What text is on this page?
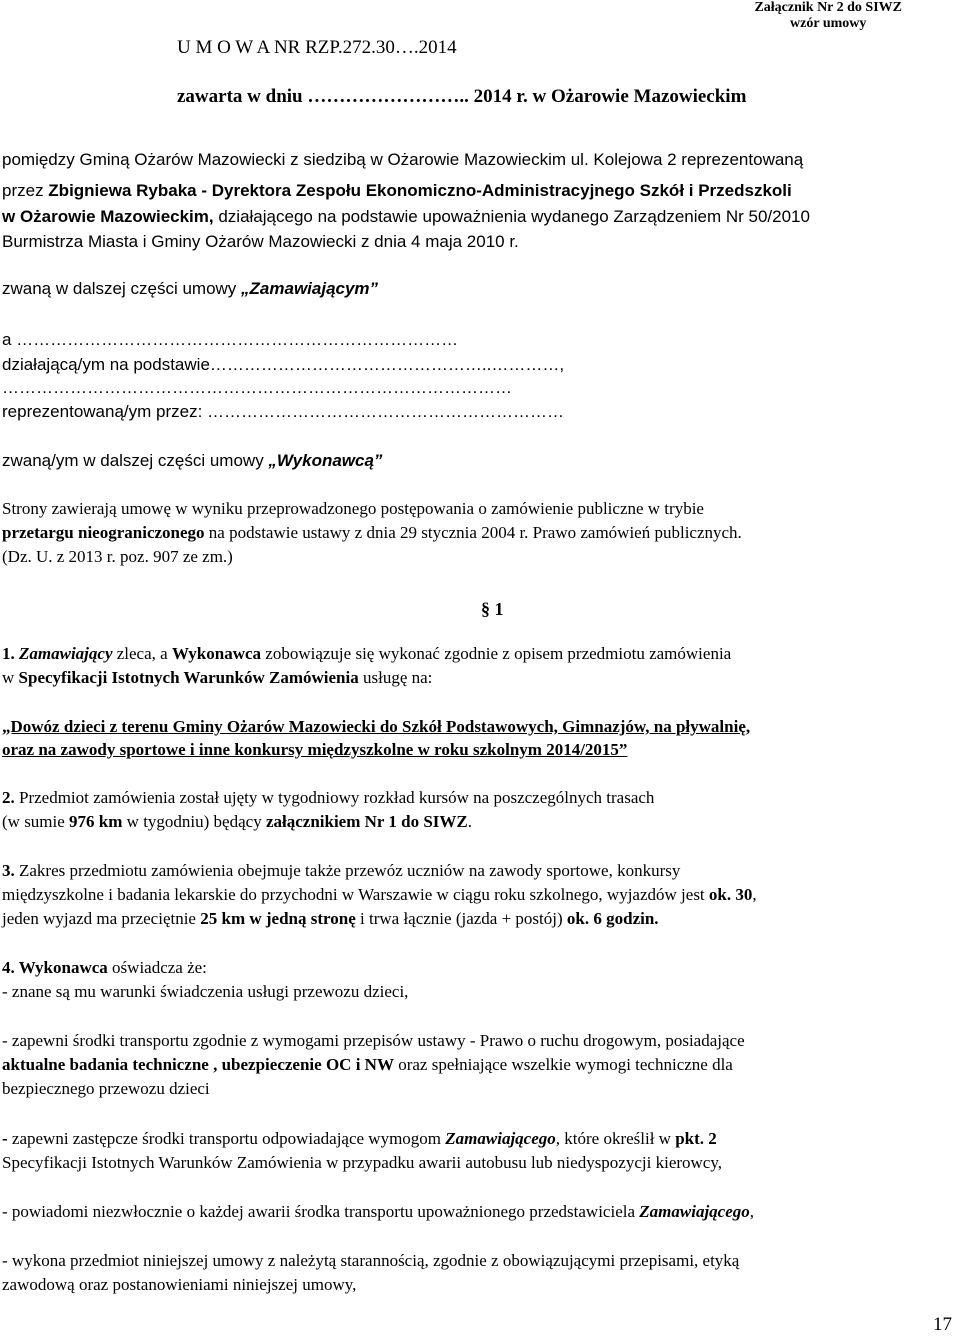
U M O W A NR RZP.272.30….2014
Załącznik Nr 2 do SIWZ
wzór umowy
zawarta w dniu …………………….. 2014 r. w Ożarowie Mazowieckim
pomiędzy Gminą Ożarów Mazowiecki z siedzibą w Ożarowie Mazowieckim ul. Kolejowa 2 reprezentowaną
przez Zbigniewa Rybaka - Dyrektora Zespołu Ekonomiczno-Administracyjnego Szkół i Przedszkoli
w Ożarowie Mazowieckim, działającego na podstawie upoważnienia wydanego Zarządzeniem Nr 50/2010
Burmistrza Miasta i Gminy Ożarów Mazowiecki z dnia 4 maja 2010 r.
zwaną w dalszej części umowy „Zamawiającym”
a ……………………………………………………………………
działającą/ym na podstawie…………………………………………..…………,
………………………………………………………………………………
reprezentowaną/ym przez: ………………………………………………………
zwaną/ym w dalszej części umowy „Wykonawcą”
Strony zawierają umowę w wyniku przeprowadzonego postępowania o zamówienie publiczne w trybie
przetargu nieograniczonego na podstawie ustawy z dnia 29 stycznia 2004 r. Prawo zamówień publicznych.
(Dz. U. z 2013 r. poz. 907 ze zm.)
§ 1
1. Zamawiający zleca, a Wykonawca zobowiązuje się wykonać zgodnie z opisem przedmiotu zamówienia
w Specyfikacji Istotnych Warunków Zamówienia usługę na:
„Dowóz dzieci z terenu Gminy Ożarów Mazowiecki do Szkół Podstawowych, Gimnazjów, na pływalnię,
oraz na zawody sportowe i inne konkursy międzyszkolne w roku szkolnym 2014/2015”
2. Przedmiot zamówienia został ujęty w tygodniowy rozkład kursów na poszczególnych trasach
(w sumie 976 km w tygodniu) będący załącznikiem Nr 1 do SIWZ.
3. Zakres przedmiotu zamówienia obejmuje także przewóz uczniów na zawody sportowe, konkursy
międzyszkolne i badania lekarskie do przychodni w Warszawie w ciągu roku szkolnego, wyjazdów jest ok. 30,
jeden wyjazd ma przeciętnie 25 km w jedną stronę i trwa łącznie (jazda + postój) ok. 6 godzin.
4. Wykonawca oświadcza że:
- znane są mu warunki świadczenia usługi przewozu dzieci,
- zapewni środki transportu zgodnie z wymogami przepisów ustawy - Prawo o ruchu drogowym, posiadające
aktualne badania techniczne , ubezpieczenie OC i NW oraz spełniające wszelkie wymogi techniczne dla
bezpiecznego przewozu dzieci
- zapewni zastępcze środki transportu odpowiadające wymogom Zamawiającego, które określił w pkt. 2
Specyfikacji Istotnych Warunków Zamówienia w przypadku awarii autobusu lub niedyspozycji kierowcy,
- powiadomi niezwłocznie o każdej awarii środka transportu upoważnionego przedstawiciela Zamawiającego,
- wykona przedmiot niniejszej umowy z należytą starannością, zgodnie z obowiązującymi przepisami, etyką
zawodową oraz postanowieniami niniejszej umowy,
17
